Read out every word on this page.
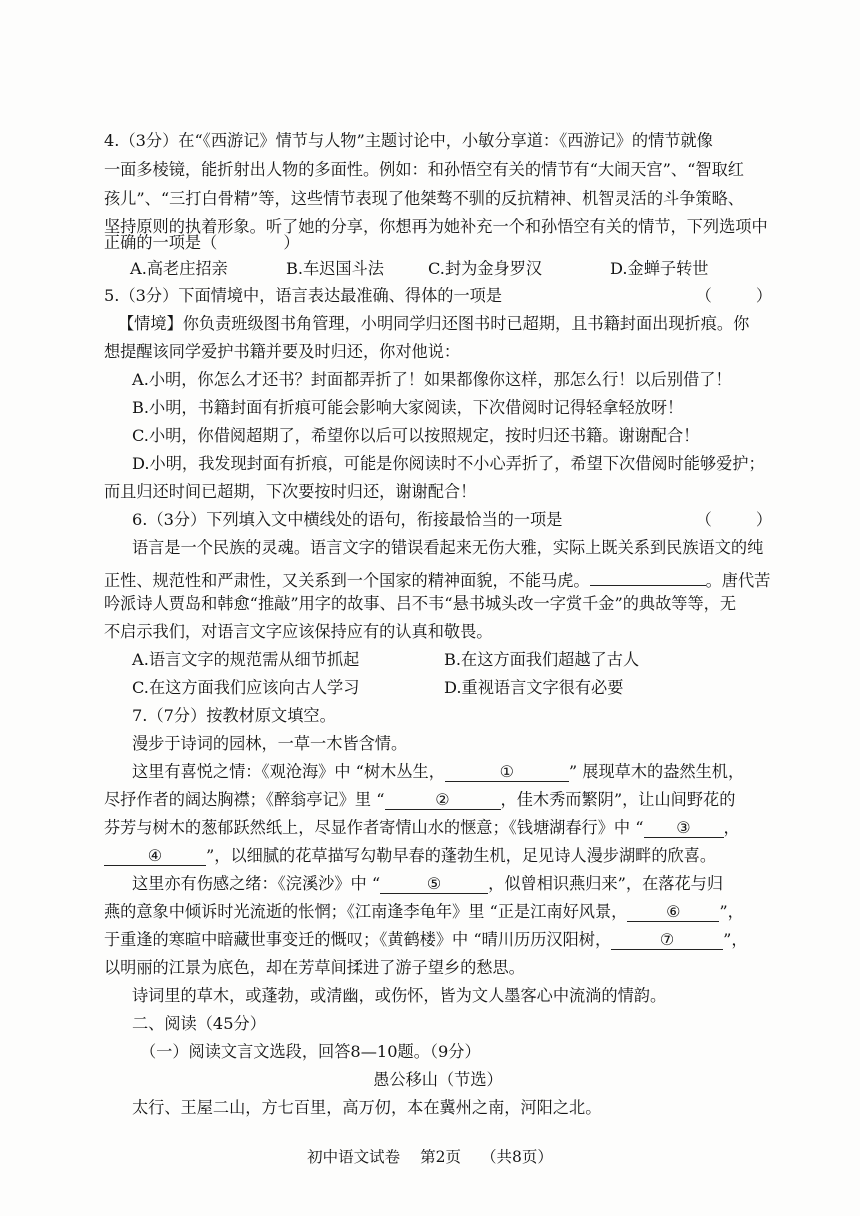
4.（3分）在“《西游记》情节与人物”主题讨论中，小敏分享道：《西游记》的情节就像
一面多棱镜，能折射出人物的多面性。例如：和孙悟空有关的情节有“大闹天宫”、“智取红
孩儿”、“三打白骨精”等，这些情节表现了他桀骜不驯的反抗精神、机智灵活的斗争策略、
坚持原则的执着形象。听了她的分享，你想再为她补充一个和孙悟空有关的情节，下列选项中
正确的一项是（	）
A.高老庄招亲	B.车迟国斗法	C.封为金身罗汉	D.金蝉子转世
5.（3分）下面情境中，语言表达最准确、得体的一项是	（	）
【情境】你负责班级图书角管理，小明同学归还图书时已超期，且书籍封面出现折痕。你
想提醒该同学爱护书籍并要及时归还，你对他说：
A.小明，你怎么才还书？封面都弄折了！如果都像你这样，那怎么行！以后别借了！
B.小明，书籍封面有折痕可能会影响大家阅读，下次借阅时记得轻拿轻放呀！
C.小明，你借阅超期了，希望你以后可以按照规定，按时归还书籍。谢谢配合！
D.小明，我发现封面有折痕，可能是你阅读时不小心弄折了，希望下次借阅时能够爱护；
而且归还时间已超期，下次要按时归还，谢谢配合！
6.（3分）下列填入文中横线处的语句，衔接最恰当的一项是	（	）
语言是一个民族的灵魂。语言文字的错误看起来无伤大雅，实际上既关系到民族语文的纯
正性、规范性和严肃性，又关系到一个国家的精神面貌，不能马虎。	。唐代苦
吟派诗人贾岛和韩愈“推敲”用字的故事、吕不韦“悬书城头改一字赏千金”的典故等等，无
不启示我们，对语言文字应该保持应有的认真和敬畏。
A.语言文字的规范需从细节抓起	B.在这方面我们超越了古人
C.在这方面我们应该向古人学习	D.重视语言文字很有必要
7.（7分）按教材原文填空。
漫步于诗词的园林，一草一木皆含情。
这里有喜悦之情：《观沧海》中 “树木丛生，	①	” 展现草木的盎然生机，
尽抒作者的阔达胸襟；《醉翁亭记》里 “	②	，佳木秀而繁阴”，让山间野花的
芬芳与树木的葱郁跃然纸上，尽显作者寄情山水的惬意；《钱塘湖春行》中 “ ③ ，
④	”，以细腻的花草描写勾勒早春的蓬勃生机，足见诗人漫步湖畔的欣喜。
这里亦有伤感之绪：《浣溪沙》中 “	⑤	，似曾相识燕归来”，在落花与归
燕的意象中倾诉时光流逝的怅惘；《江南逢李龟年》里 “正是江南好风景， ⑥ ”，
于重逢的寒暄中暗藏世事变迁的慨叹；《黄鹤楼》中 “晴川历历汉阳树，	⑦	”，
以明丽的江景为底色，却在芳草间揉进了游子望乡的愁思。
诗词里的草木，或蓬勃，或清幽，或伤怀，皆为文人墨客心中流淌的情韵。
二、阅读（45分）
（一）阅读文言文选段，回答8—10题。（9分）
愚公移山（节选）
太行、王屋二山，方七百里，高万仞，本在冀州之南，河阳之北。
初中语文试卷 第2页 （共8页）
